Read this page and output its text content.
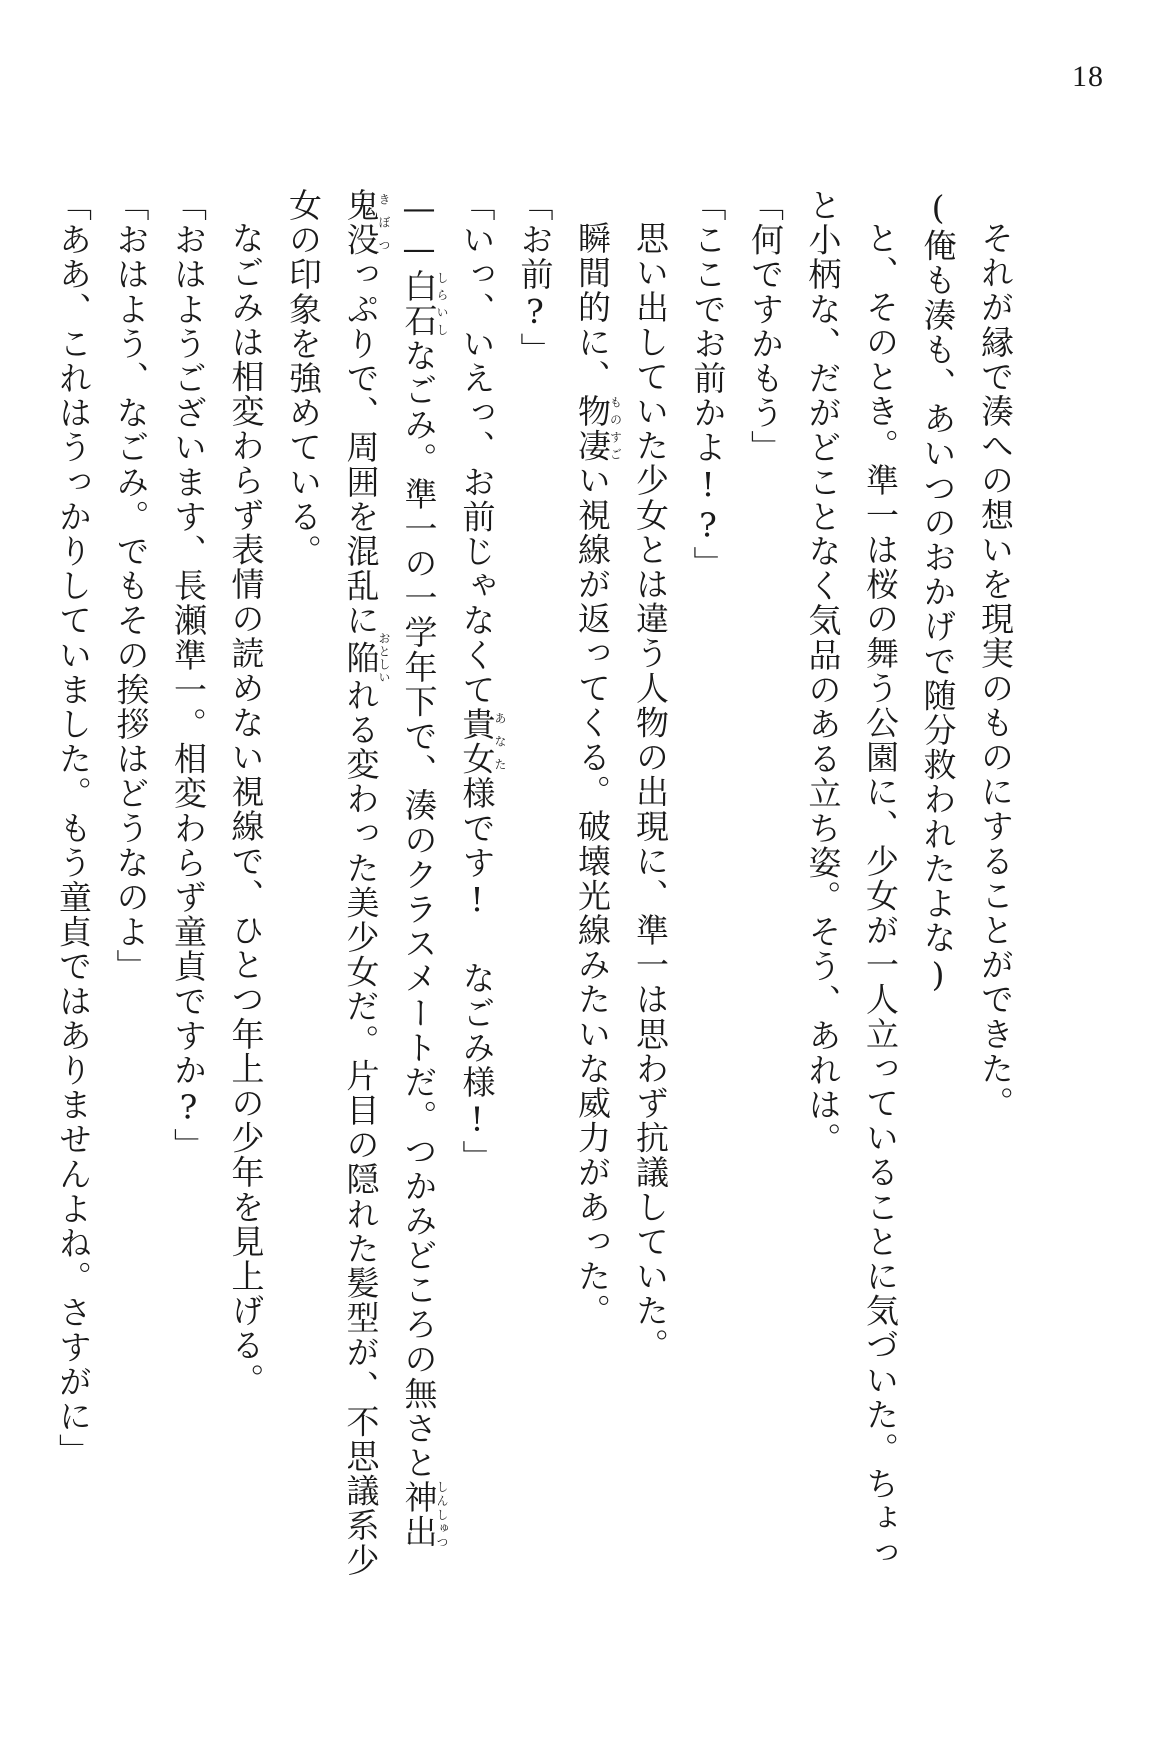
18
それが縁で湊への想いを現実のものにすることができた。
(俺も湊も、あいつのおかげで随分救われたよな)
と、そのとき。準一は桜の舞う公園に、少女が一人立っていることに気づいた。ちょっ
と小柄な、だがどことなく気品のある立ち姿。そう、あれは。
「何ですかもう」
「ここでお前かよ!?」
思い出していた少女とは違う人物の出現に、準一は思わず抗議していた。
瞬間的に、物凄ものすごい視線が返ってくる。破壊光線みたいな威力があった。
「お前?」
「いっ、いえっ、お前じゃなくて貴女あなた様です! なごみ様!」
——白石しらいしなごみ。準一の一学年下で、湊のクラスメートだ。つかみどころの無さと神出しんしゅつ
鬼没きぼつっぷりで、周囲を混乱に陥おとしいれる変わった美少女だ。片目の隠れた髪型が、不思議系少
女の印象を強めている。
なごみは相変わらず表情の読めない視線で、ひとつ年上の少年を見上げる。
「おはようございます、長瀬準一。相変わらず童貞ですか?」
「おはよう、なごみ。でもその挨拶はどうなのよ」
「ああ、これはうっかりしていました。もう童貞ではありませんよね。さすがに」
